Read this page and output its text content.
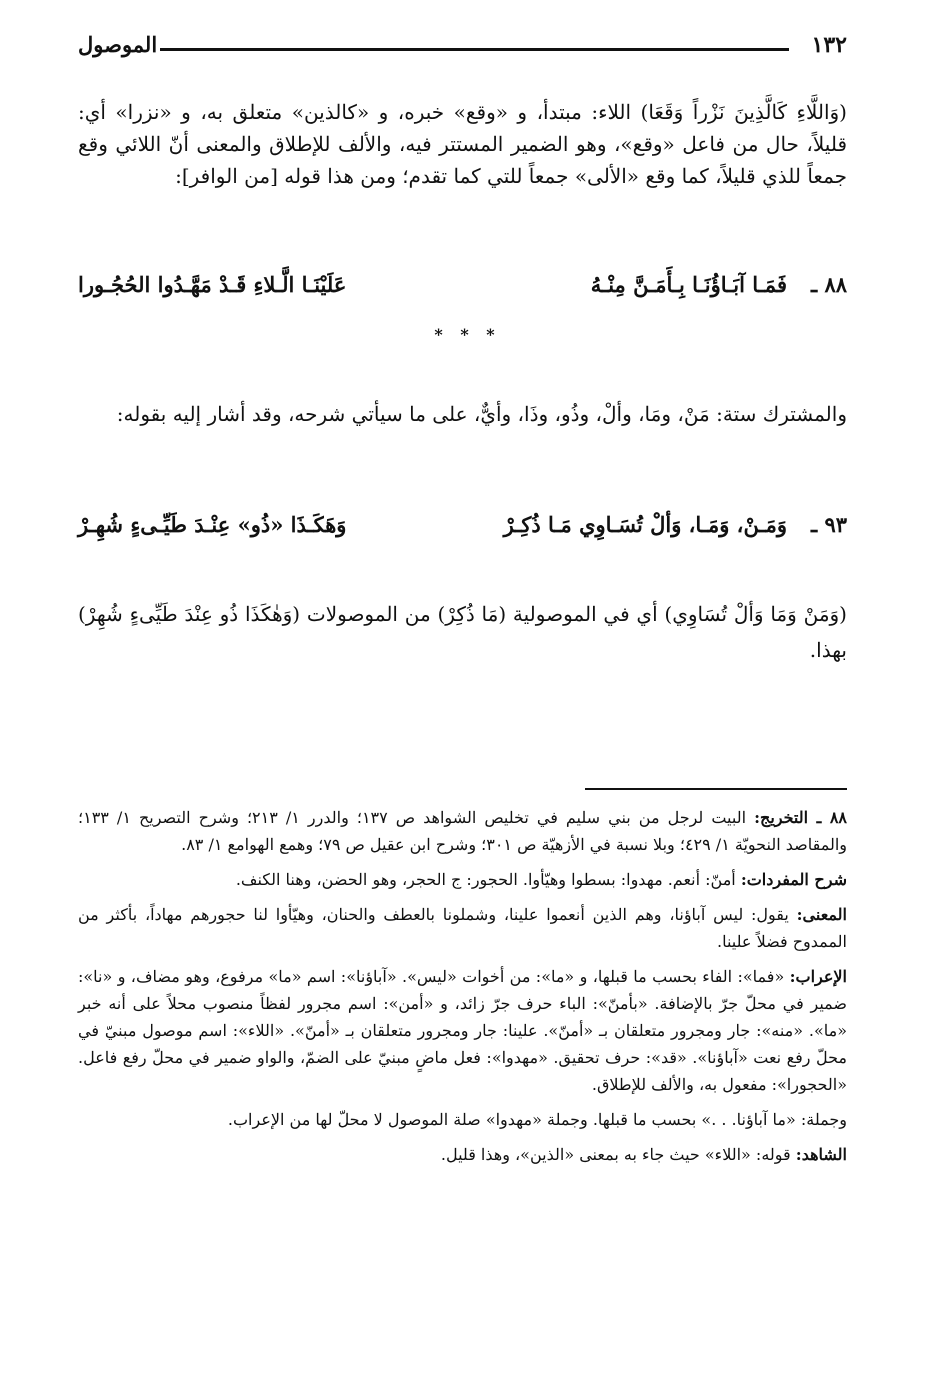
١٣٢
الموصول

(وَاللَّاءِ كَالَّذِينَ نَزْراً وَقَعَا) اللاء: مبتدأ، و «وقع» خبره، و «كالذين» متعلق به، و «نزرا» أي: قليلاً، حال من فاعل «وقع»، وهو الضمير المستتر فيه، والألف للإطلاق والمعنى أنّ اللائي وقع جمعاً للذي قليلاً، كما وقع «الألى» جمعاً للتي كما تقدم؛ ومن هذا قوله [من الوافر]:

٨٨ ـ
فَمَـا آبَـاؤُنَـا بِـأَمَـنَّ مِنْـهُ
عَلَيْنَـا الَّـلاءِ قَـدْ مَهَّـدُوا الحُجُـورا
* * *

والمشترك ستة: مَنْ، ومَا، وألْ، وذُو، وذَا، وأيٌّ، على ما سيأتي شرحه، وقد أشار إليه بقوله:

٩٣ ـ
وَمَـنْ، وَمَـا، وَألْ تُسَـاوِي مَـا ذُكِـرْ
وَهَكَـذَا «ذُو» عِنْـدَ طَيِّـىءٍ شُهِـرْ

(وَمَنْ وَمَا وَألْ تُسَاوِي) أي في الموصولية (مَا ذُكِرْ) من الموصولات (وَهٰكَذَا ذُو عِنْدَ طَيِّىءٍ شُهِرْ) بهذا.

٨٨ ـ التخريج: البيت لرجل من بني سليم في تخليص الشواهد ص ١٣٧؛ والدرر ١/ ٢١٣؛ وشرح التصريح ١/ ١٣٣؛ والمقاصد النحويّة ١/ ٤٢٩؛ وبلا نسبة في الأزهيّة ص ٣٠١؛ وشرح ابن عقيل ص ٧٩؛ وهمع الهوامع ١/ ٨٣.

شرح المفردات: أمنّ: أنعم. مهدوا: بسطوا وهيّأوا. الحجور: ج الحجر، وهو الحضن، وهنا الكنف.

المعنى: يقول: ليس آباؤنا، وهم الذين أنعموا علينا، وشملونا بالعطف والحنان، وهيّأوا لنا حجورهم مهاداً، بأكثر من الممدوح فضلاً علينا.

الإعراب: «فما»: الفاء بحسب ما قبلها، و «ما»: من أخوات «ليس». «آباؤنا»: اسم «ما» مرفوع، وهو مضاف، و «نا»: ضمير في محلّ جرّ بالإضافة. «بأمنّ»: الباء حرف جرّ زائد، و «أمن»: اسم مجرور لفظاً منصوب محلاً على أنه خبر «ما». «منه»: جار ومجرور متعلقان بـ «أمنّ». علينا: جار ومجرور متعلقان بـ «أمنّ». «اللاء»: اسم موصول مبنيّ في محلّ رفع نعت «آباؤنا». «قد»: حرف تحقيق. «مهدوا»: فعل ماضٍ مبنيّ على الضمّ، والواو ضمير في محلّ رفع فاعل. «الحجورا»: مفعول به، والألف للإطلاق.

وجملة: «ما آباؤنا. . .» بحسب ما قبلها. وجملة «مهدوا» صلة الموصول لا محلّ لها من الإعراب.

الشاهد: قوله: «اللاء» حيث جاء به بمعنى «الذين»، وهذا قليل.
